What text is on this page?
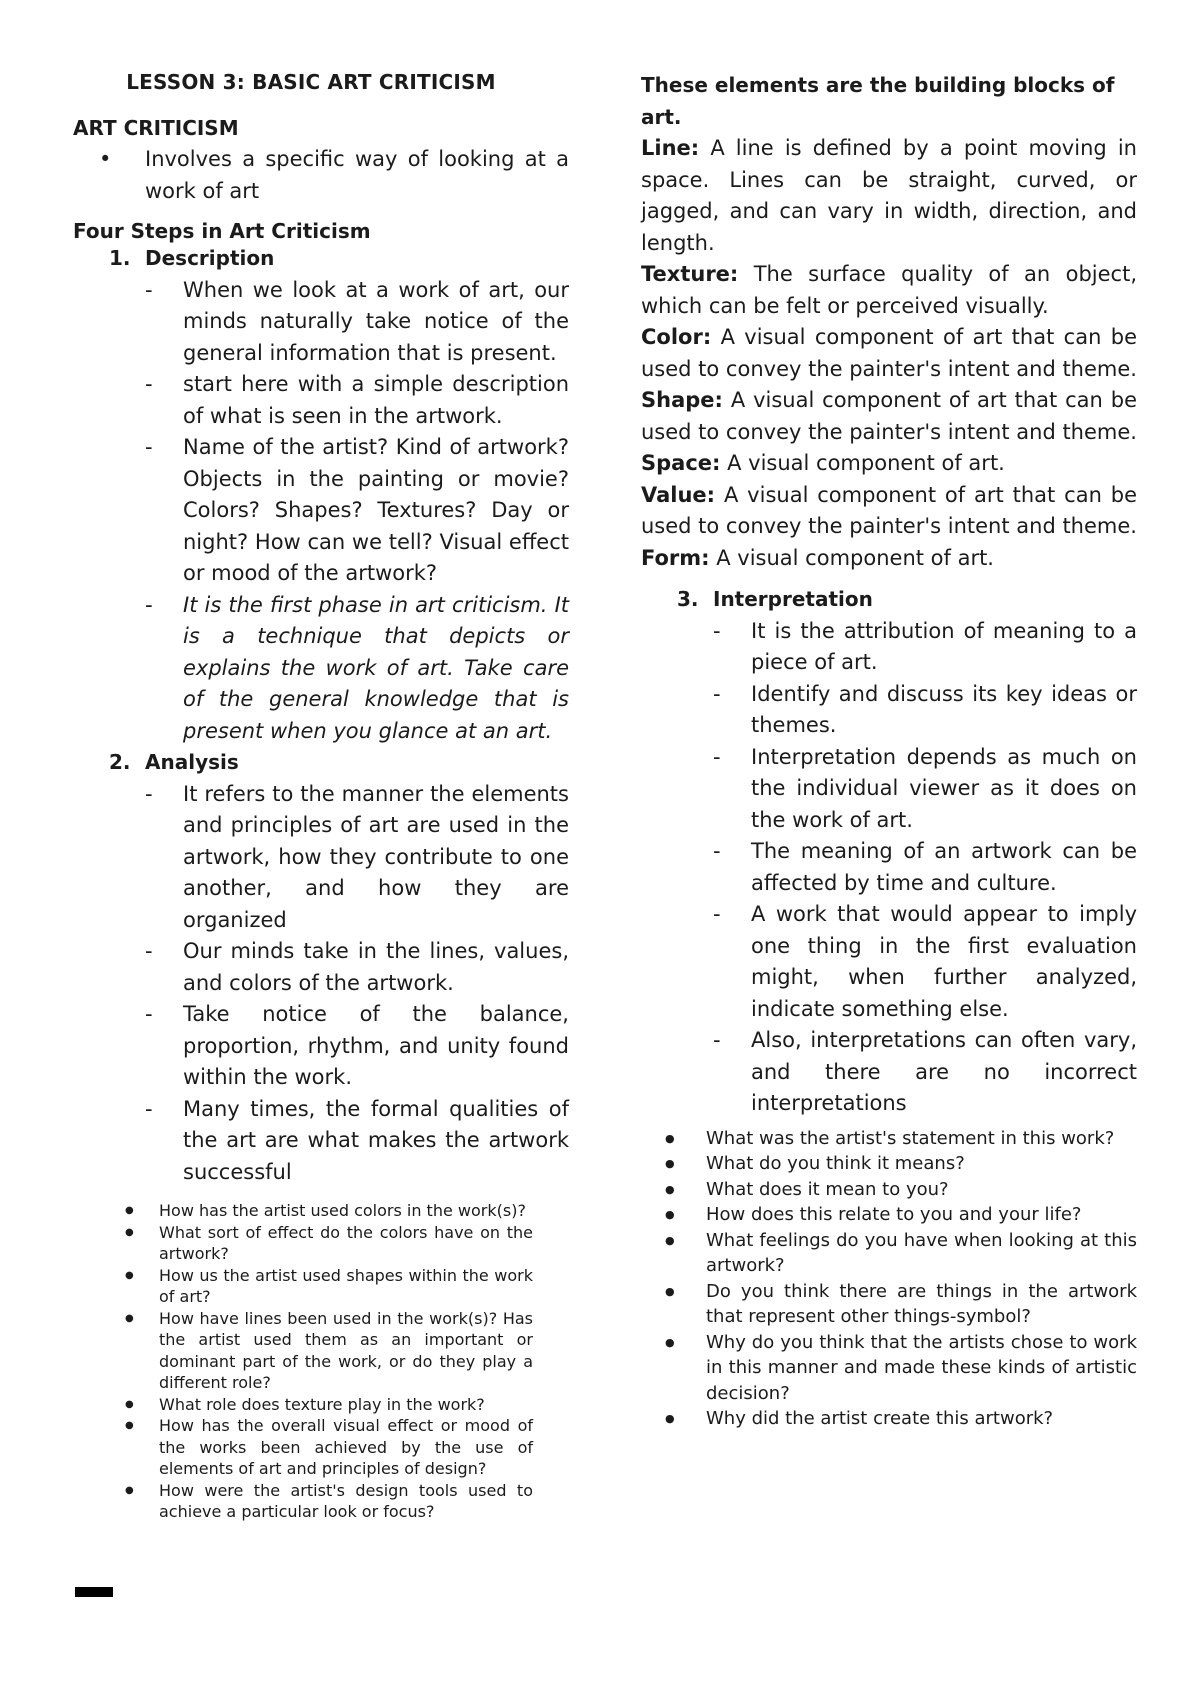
LESSON 3: BASIC ART CRITICISM
ART CRITICISM
• Involves a specific way of looking at a work of art
Four Steps in Art Criticism
1. Description
- When we look at a work of art, our minds naturally take notice of the general information that is present.
- start here with a simple description of what is seen in the artwork.
- Name of the artist? Kind of artwork? Objects in the painting or movie? Colors? Shapes? Textures? Day or night? How can we tell? Visual effect or mood of the artwork?
- It is the first phase in art criticism. It is a technique that depicts or explains the work of art. Take care of the general knowledge that is present when you glance at an art.
2. Analysis
- It refers to the manner the elements and principles of art are used in the artwork, how they contribute to one another, and how they are organized
- Our minds take in the lines, values, and colors of the artwork.
- Take notice of the balance, proportion, rhythm, and unity found within the work.
- Many times, the formal qualities of the art are what makes the artwork successful
● How has the artist used colors in the work(s)?
● What sort of effect do the colors have on the artwork?
● How us the artist used shapes within the work of art?
● How have lines been used in the work(s)? Has the artist used them as an important or dominant part of the work, or do they play a different role?
● What role does texture play in the work?
● How has the overall visual effect or mood of the works been achieved by the use of elements of art and principles of design?
● How were the artist's design tools used to achieve a particular look or focus?
These elements are the building blocks of art.
Line: A line is defined by a point moving in space. Lines can be straight, curved, or jagged, and can vary in width, direction, and length.
Texture: The surface quality of an object, which can be felt or perceived visually.
Color: A visual component of art that can be used to convey the painter's intent and theme.
Shape: A visual component of art that can be used to convey the painter's intent and theme.
Space: A visual component of art.
Value: A visual component of art that can be used to convey the painter's intent and theme.
Form: A visual component of art.
3. Interpretation
- It is the attribution of meaning to a piece of art.
- Identify and discuss its key ideas or themes.
- Interpretation depends as much on the individual viewer as it does on the work of art.
- The meaning of an artwork can be affected by time and culture.
- A work that would appear to imply one thing in the first evaluation might, when further analyzed, indicate something else.
- Also, interpretations can often vary, and there are no incorrect interpretations
● What was the artist's statement in this work?
● What do you think it means?
● What does it mean to you?
● How does this relate to you and your life?
● What feelings do you have when looking at this artwork?
● Do you think there are things in the artwork that represent other things-symbol?
● Why do you think that the artists chose to work in this manner and made these kinds of artistic decision?
● Why did the artist create this artwork?
